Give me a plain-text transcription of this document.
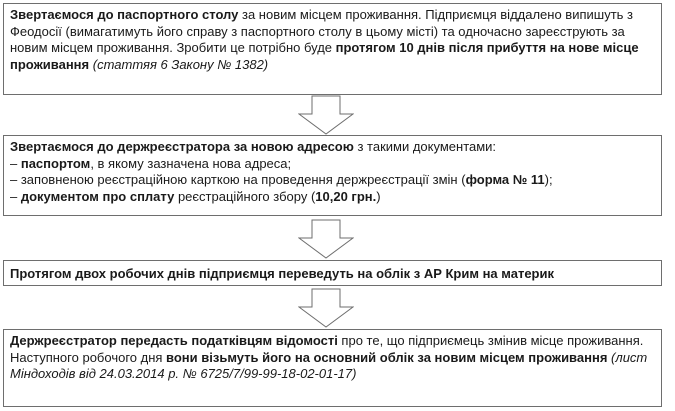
Звертаємося до паспортного столу за новим місцем проживання. Підприємця віддалено випишуть з Феодосії (вимагатимуть його справу з паспортного столу в цьому місті) та одночасно зареєструють за новим місцем проживання. Зробити це потрібно буде протягом 10 днів після прибуття на нове місце проживання (статтяя 6 Закону № 1382)

Звертаємося до держреєстратора за новою адресою з такими документами:

– паспортом, в якому зазначена нова адреса;

– заповненою реєстраційною карткою на проведення держреєстрації змін (форма № 11);

– документом про сплату реєстраційного збору (10,20 грн.)

Протягом двох робочих днів підприємця переведуть на облік з АР Крим на материк

Держреєстратор передасть податківцям відомості про те, що підприємець змінив місце проживання. Наступного робочого дня вони візьмуть його на основний облік за новим місцем проживання (лист Міндоходів від 24.03.2014 р. № 6725/7/99-99-18-02-01-17)
